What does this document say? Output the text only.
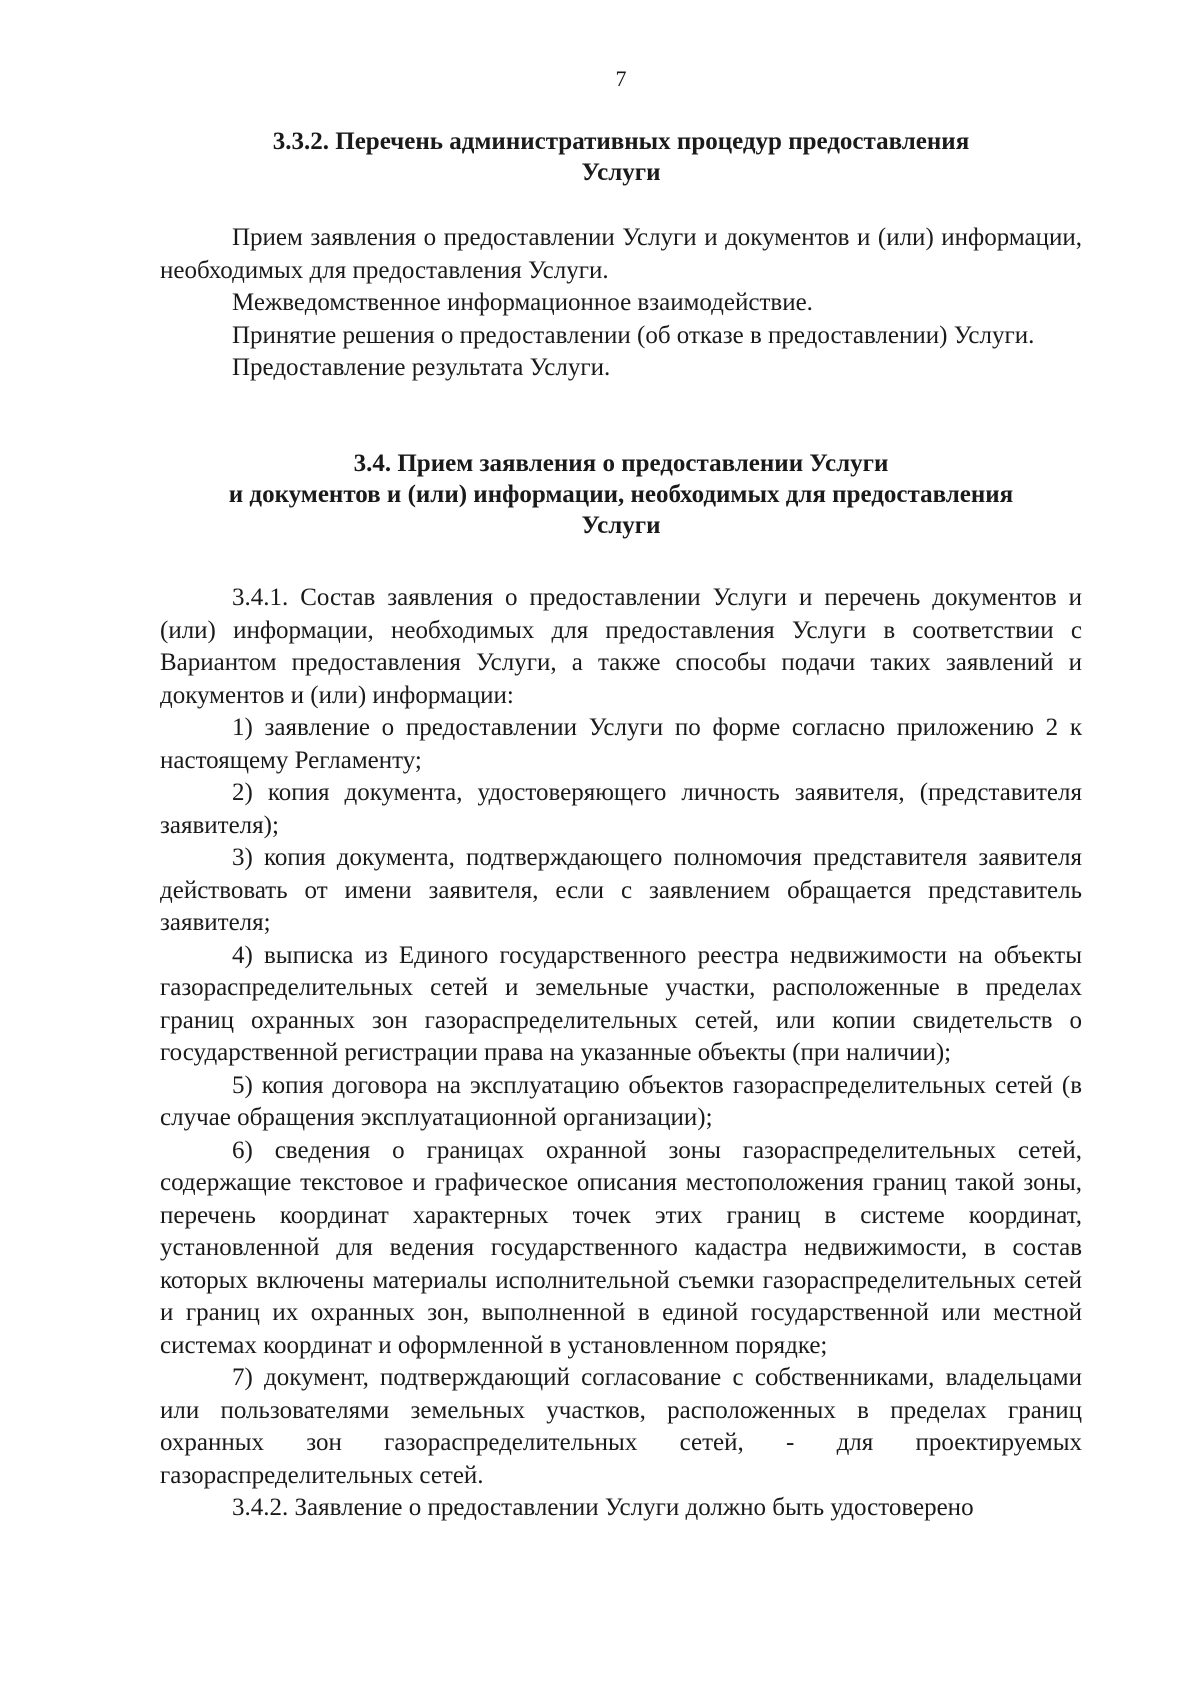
7
3.3.2. Перечень административных процедур предоставления
Услуги

Прием заявления о предоставлении Услуги и документов и (или) информации, необходимых для предоставления Услуги.

Межведомственное информационное взаимодействие.

Принятие решения о предоставлении (об отказе в предоставлении) Услуги.

Предоставление результата Услуги.

3.4. Прием заявления о предоставлении Услуги
и документов и (или) информации, необходимых для предоставления
Услуги

3.4.1. Состав заявления о предоставлении Услуги и перечень документов и (или) информации, необходимых для предоставления Услуги в соответствии с Вариантом предоставления Услуги, а также способы подачи таких заявлений и документов и (или) информации:

1) заявление о предоставлении Услуги по форме согласно приложению 2 к настоящему Регламенту;

2) копия документа, удостоверяющего личность заявителя, (представителя заявителя);

3) копия документа, подтверждающего полномочия представителя заявителя действовать от имени заявителя, если с заявлением обращается представитель заявителя;

4) выписка из Единого государственного реестра недвижимости на объекты газораспределительных сетей и земельные участки, расположенные в пределах границ охранных зон газораспределительных сетей, или копии свидетельств о государственной регистрации права на указанные объекты (при наличии);

5) копия договора на эксплуатацию объектов газораспределительных сетей (в случае обращения эксплуатационной организации);

6) сведения о границах охранной зоны газораспределительных сетей, содержащие текстовое и графическое описания местоположения границ такой зоны, перечень координат характерных точек этих границ в системе координат, установленной для ведения государственного кадастра недвижимости, в состав которых включены материалы исполнительной съемки газораспределительных сетей и границ их охранных зон, выполненной в единой государственной или местной системах координат и оформленной в установленном порядке;

7) документ, подтверждающий согласование с собственниками, владельцами или пользователями земельных участков, расположенных в пределах границ охранных зон газораспределительных сетей, - для проектируемых газораспределительных сетей.

3.4.2. Заявление о предоставлении Услуги должно быть удостоверено
